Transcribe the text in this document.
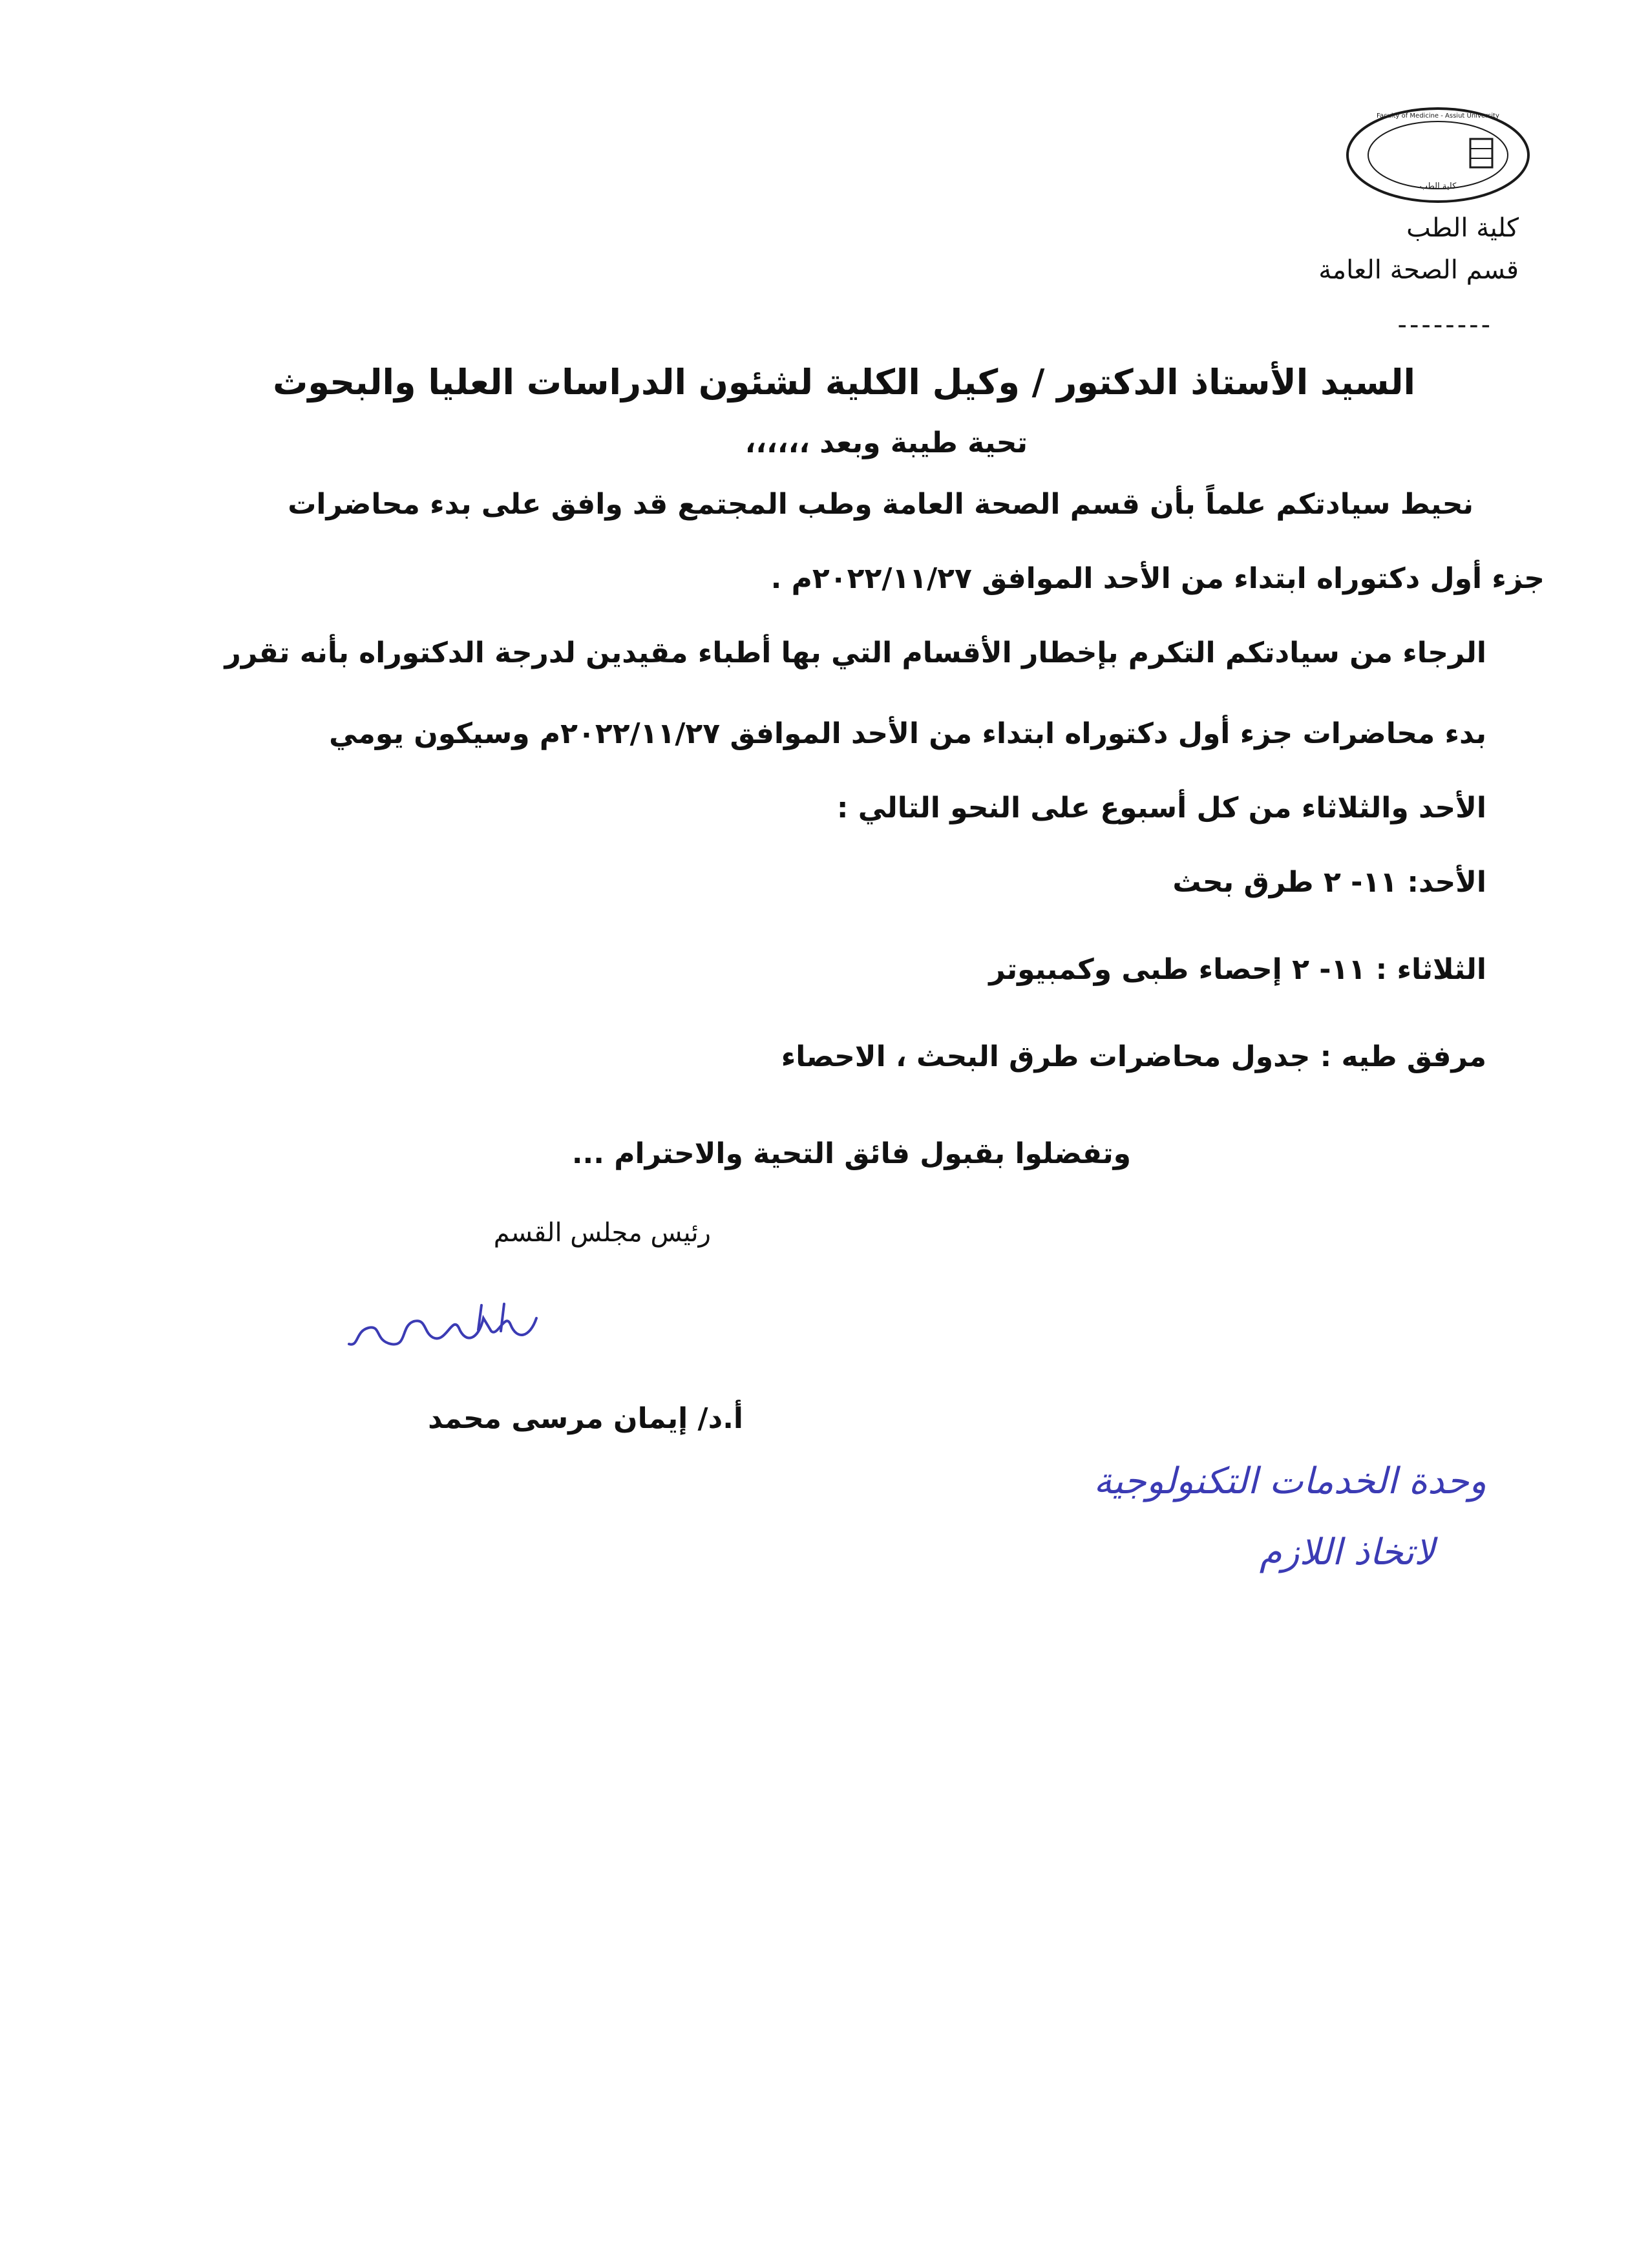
كلية الطب
Faculty of Medicine - Assiut University
كلية الطب
قسم الصحة العامة
--------
السيد الأستاذ الدكتور / وكيل الكلية لشئون الدراسات العليا والبحوث
تحية طيبة وبعد ،،،،،،
نحيط سيادتكم علماً بأن قسم الصحة العامة وطب المجتمع قد وافق على بدء محاضرات
جزء أول دكتوراه ابتداء من الأحد الموافق ٢٠٢٢/١١/٢٧م .
الرجاء من سيادتكم التكرم بإخطار الأقسام التي بها أطباء مقيدين لدرجة الدكتوراه بأنه تقرر
بدء محاضرات جزء أول دكتوراه ابتداء من الأحد الموافق ٢٠٢٢/١١/٢٧م وسيكون يومي
الأحد والثلاثاء من كل أسبوع على النحو التالي :
الأحد: ١١- ٢ طرق بحث
الثلاثاء : ١١- ٢ إحصاء طبى وكمبيوتر
مرفق طيه : جدول محاضرات طرق البحث ، الاحصاء
وتفضلوا بقبول فائق التحية والاحترام ...
رئيس مجلس القسم
أ.د/ إيمان مرسى محمد
وحدة الخدمات التكنولوجية
لاتخاذ اللازم
